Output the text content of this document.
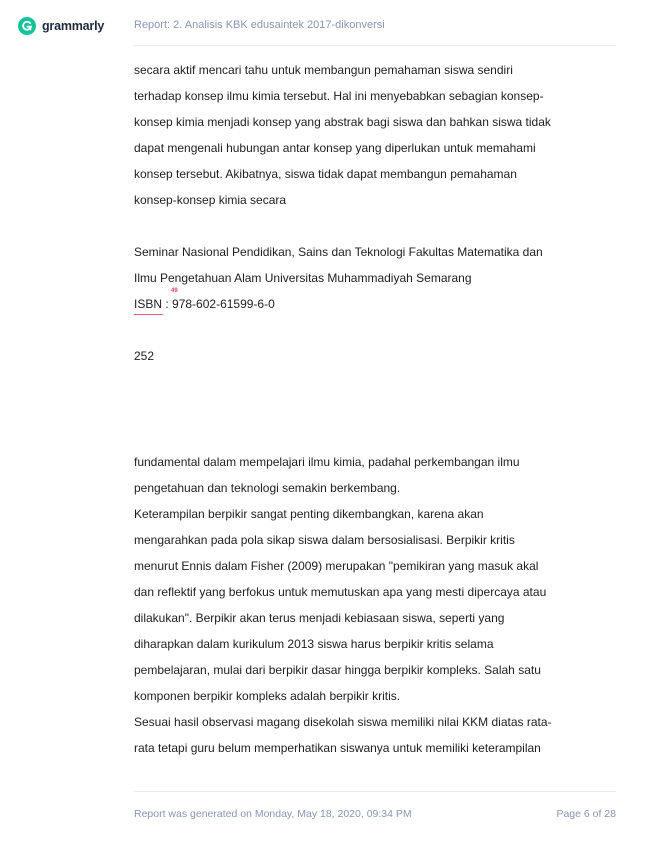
grammarly	Report: 2. Analisis KBK edusaintek 2017-dikonversi

secara aktif mencari tahu untuk membangun pemahaman siswa sendiri
terhadap konsep ilmu kimia tersebut. Hal ini menyebabkan sebagian konsep-
konsep kimia menjadi konsep yang abstrak bagi siswa dan bahkan siswa tidak
dapat mengenali hubungan antar konsep yang diperlukan untuk memahami
konsep tersebut. Akibatnya, siswa tidak dapat membangun pemahaman
konsep-konsep kimia secara

Seminar Nasional Pendidikan, Sains dan Teknologi Fakultas Matematika dan
Ilmu Pengetahuan Alam Universitas Muhammadiyah Semarang
ISBN : 978-602-61599-6-0
49

252

fundamental dalam mempelajari ilmu kimia, padahal perkembangan ilmu
pengetahuan dan teknologi semakin berkembang.
Keterampilan berpikir sangat penting dikembangkan, karena akan
mengarahkan pada pola sikap siswa dalam bersosialisasi. Berpikir kritis
menurut Ennis dalam Fisher (2009) merupakan "pemikiran yang masuk akal
dan reflektif yang berfokus untuk memutuskan apa yang mesti dipercaya atau
dilakukan". Berpikir akan terus menjadi kebiasaan siswa, seperti yang
diharapkan dalam kurikulum 2013 siswa harus berpikir kritis selama
pembelajaran, mulai dari berpikir dasar hingga berpikir kompleks. Salah satu
komponen berpikir kompleks adalah berpikir kritis.
Sesuai hasil observasi magang disekolah siswa memiliki nilai KKM diatas rata-
rata tetapi guru belum memperhatikan siswanya untuk memiliki keterampilan

Report was generated on Monday, May 18, 2020, 09:34 PM	Page 6 of 28
